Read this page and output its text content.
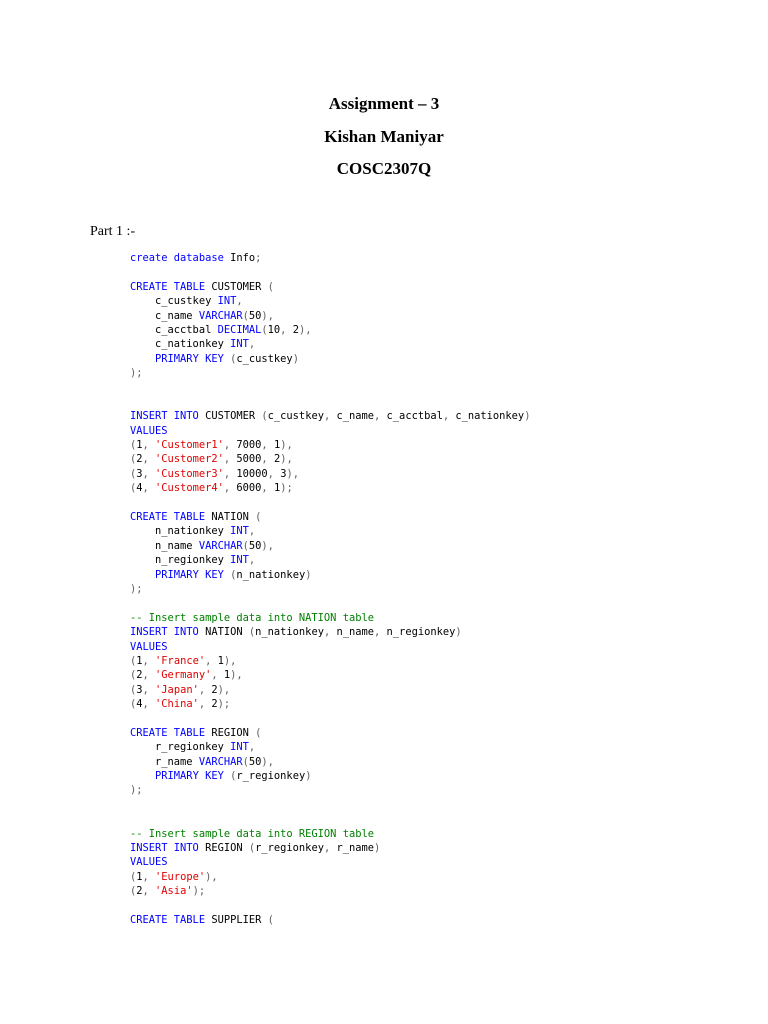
Assignment – 3
Kishan Maniyar
COSC2307Q
Part 1 :-
create database Info;
CREATE TABLE CUSTOMER (
c_custkey INT,
c_name VARCHAR(50),
c_acctbal DECIMAL(10, 2),
c_nationkey INT,
PRIMARY KEY (c_custkey)
);
INSERT INTO CUSTOMER (c_custkey, c_name, c_acctbal, c_nationkey)
VALUES
(1, 'Customer1', 7000, 1),
(2, 'Customer2', 5000, 2),
(3, 'Customer3', 10000, 3),
(4, 'Customer4', 6000, 1);
CREATE TABLE NATION (
n_nationkey INT,
n_name VARCHAR(50),
n_regionkey INT,
PRIMARY KEY (n_nationkey)
);
-- Insert sample data into NATION table
INSERT INTO NATION (n_nationkey, n_name, n_regionkey)
VALUES
(1, 'France', 1),
(2, 'Germany', 1),
(3, 'Japan', 2),
(4, 'China', 2);
CREATE TABLE REGION (
r_regionkey INT,
r_name VARCHAR(50),
PRIMARY KEY (r_regionkey)
);
-- Insert sample data into REGION table
INSERT INTO REGION (r_regionkey, r_name)
VALUES
(1, 'Europe'),
(2, 'Asia');
CREATE TABLE SUPPLIER (
